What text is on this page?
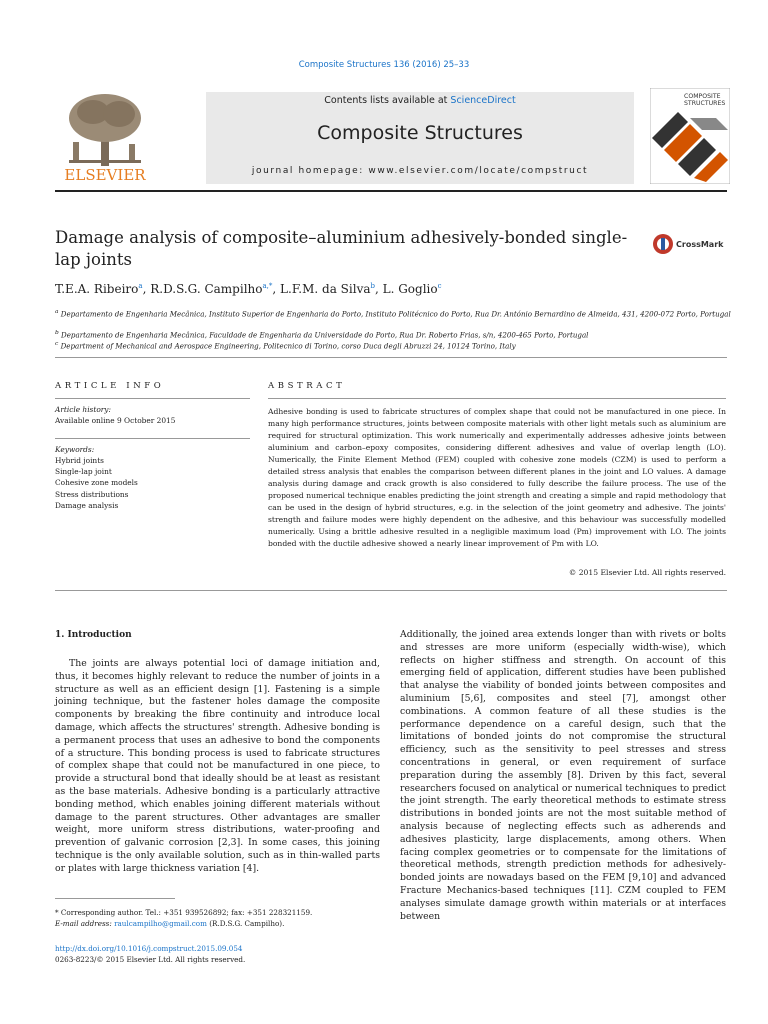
Composite Structures 136 (2016) 25–33
ELSEVIER
Contents lists available at ScienceDirect
Composite Structures
journal homepage: www.elsevier.com/locate/compstruct
COMPOSITE
STRUCTURES
Damage analysis of composite–aluminium adhesively-bonded single-lap joints
CrossMark
T.E.A. Ribeiro$^a$, R.D.S.G. Campilho$^{a,*}$, L.F.M. da Silva$^b$, L. Goglio$^c$
$^a$ Departamento de Engenharia Mecânica, Instituto Superior de Engenharia do Porto, Instituto Politécnico do Porto, Rua Dr. António Bernardino de Almeida, 431, 4200-072 Porto, Portugal
$^b$ Departamento de Engenharia Mecânica, Faculdade de Engenharia da Universidade do Porto, Rua Dr. Roberto Frias, s/n, 4200-465 Porto, Portugal
$^c$ Department of Mechanical and Aerospace Engineering, Politecnico di Torino, corso Duca degli Abruzzi 24, 10124 Torino, Italy
ARTICLE INFO	ABSTRACT
Article history:
Available online 9 October 2015
Keywords:
Hybrid joints
Single-lap joint
Cohesive zone models
Stress distributions
Damage analysis
Adhesive bonding is used to fabricate structures of complex shape that could not be manufactured in one piece. In many high performance structures, joints between composite materials with other light metals such as aluminium are required for structural optimization. This work numerically and experimentally addresses adhesive joints between aluminium and carbon–epoxy composites, considering different adhesives and value of overlap length (LO). Numerically, the Finite Element Method (FEM) coupled with cohesive zone models (CZM) is used to perform a detailed stress analysis that enables the comparison between different planes in the joint and LO values. A damage analysis during damage and crack growth is also considered to fully describe the failure process. The use of the proposed numerical technique enables predicting the joint strength and creating a simple and rapid methodology that can be used in the design of hybrid structures, e.g. in the selection of the joint geometry and adhesive. The joints' strength and failure modes were highly dependent on the adhesive, and this behaviour was successfully modelled numerically. Using a brittle adhesive resulted in a negligible maximum load (Pm) improvement with LO. The joints bonded with the ductile adhesive showed a nearly linear improvement of Pm with LO.
© 2015 Elsevier Ltd. All rights reserved.
1. Introduction
The joints are always potential loci of damage initiation and, thus, it becomes highly relevant to reduce the number of joints in a structure as well as an efficient design [1]. Fastening is a simple joining technique, but the fastener holes damage the composite components by breaking the fibre continuity and introduce local damage, which affects the structures' strength. Adhesive bonding is a permanent process that uses an adhesive to bond the components of a structure. This bonding process is used to fabricate structures of complex shape that could not be manufactured in one piece, to provide a structural bond that ideally should be at least as resistant as the base materials. Adhesive bonding is a particularly attractive bonding method, which enables joining different materials without damage to the parent structures. Other advantages are smaller weight, more uniform stress distributions, water-proofing and prevention of galvanic corrosion [2,3]. In some cases, this joining technique is the only available solution, such as in thin-walled parts or plates with large thickness variation [4].
Additionally, the joined area extends longer than with rivets or bolts and stresses are more uniform (especially width-wise), which reflects on higher stiffness and strength. On account of this emerging field of application, different studies have been published that analyse the viability of bonded joints between composites and aluminium [5,6], composites and steel [7], amongst other combinations. A common feature of all these studies is the performance dependence on a careful design, such that the limitations of bonded joints do not compromise the structural efficiency, such as the sensitivity to peel stresses and stress concentrations in general, or even requirement of surface preparation during the assembly [8]. Driven by this fact, several researchers focused on analytical or numerical techniques to predict the joint strength. The early theoretical methods to estimate stress distributions in bonded joints are not the most suitable method of analysis because of neglecting effects such as adherends and adhesives plasticity, large displacements, among others. When facing complex geometries or to compensate for the limitations of theoretical methods, strength prediction methods for adhesively-bonded joints are nowadays based on the FEM [9,10] and advanced Fracture Mechanics-based techniques [11]. CZM coupled to FEM analyses simulate damage growth within materials or at interfaces between
* Corresponding author. Tel.: +351 939526892; fax: +351 228321159.
E-mail address: raulcampilho@gmail.com (R.D.S.G. Campilho).
http://dx.doi.org/10.1016/j.compstruct.2015.09.054
0263-8223/© 2015 Elsevier Ltd. All rights reserved.
